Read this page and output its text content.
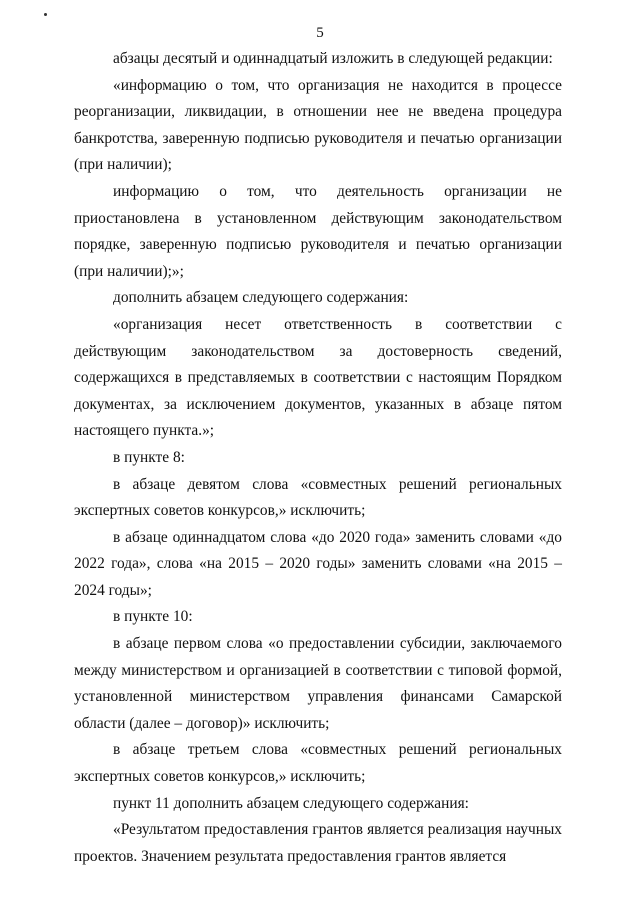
5

абзацы десятый и одиннадцатый изложить в следующей редакции:

«информацию о том, что организация не находится в процессе реорганизации, ликвидации, в отношении нее не введена процедура банкротства, заверенную подписью руководителя и печатью организации (при наличии);

информацию о том, что деятельность организации не приостановлена в установленном действующим законодательством порядке, заверенную подписью руководителя и печатью организации (при наличии);»;

дополнить абзацем следующего содержания:

«организация несет ответственность в соответствии с действующим законодательством за достоверность сведений, содержащихся в представляемых в соответствии с настоящим Порядком документах, за исключением документов, указанных в абзаце пятом настоящего пункта.»;

в пункте 8:

в абзаце девятом слова «совместных решений региональных экспертных советов конкурсов,» исключить;

в абзаце одиннадцатом слова «до 2020 года» заменить словами «до 2022 года», слова «на 2015 – 2020 годы» заменить словами «на 2015 – 2024 годы»;

в пункте 10:

в абзаце первом слова «о предоставлении субсидии, заключаемого между министерством и организацией в соответствии с типовой формой, установленной министерством управления финансами Самарской области (далее – договор)» исключить;

в абзаце третьем слова «совместных решений региональных экспертных советов конкурсов,» исключить;

пункт 11 дополнить абзацем следующего содержания:

«Результатом предоставления грантов является реализация научных проектов. Значением результата предоставления грантов является
